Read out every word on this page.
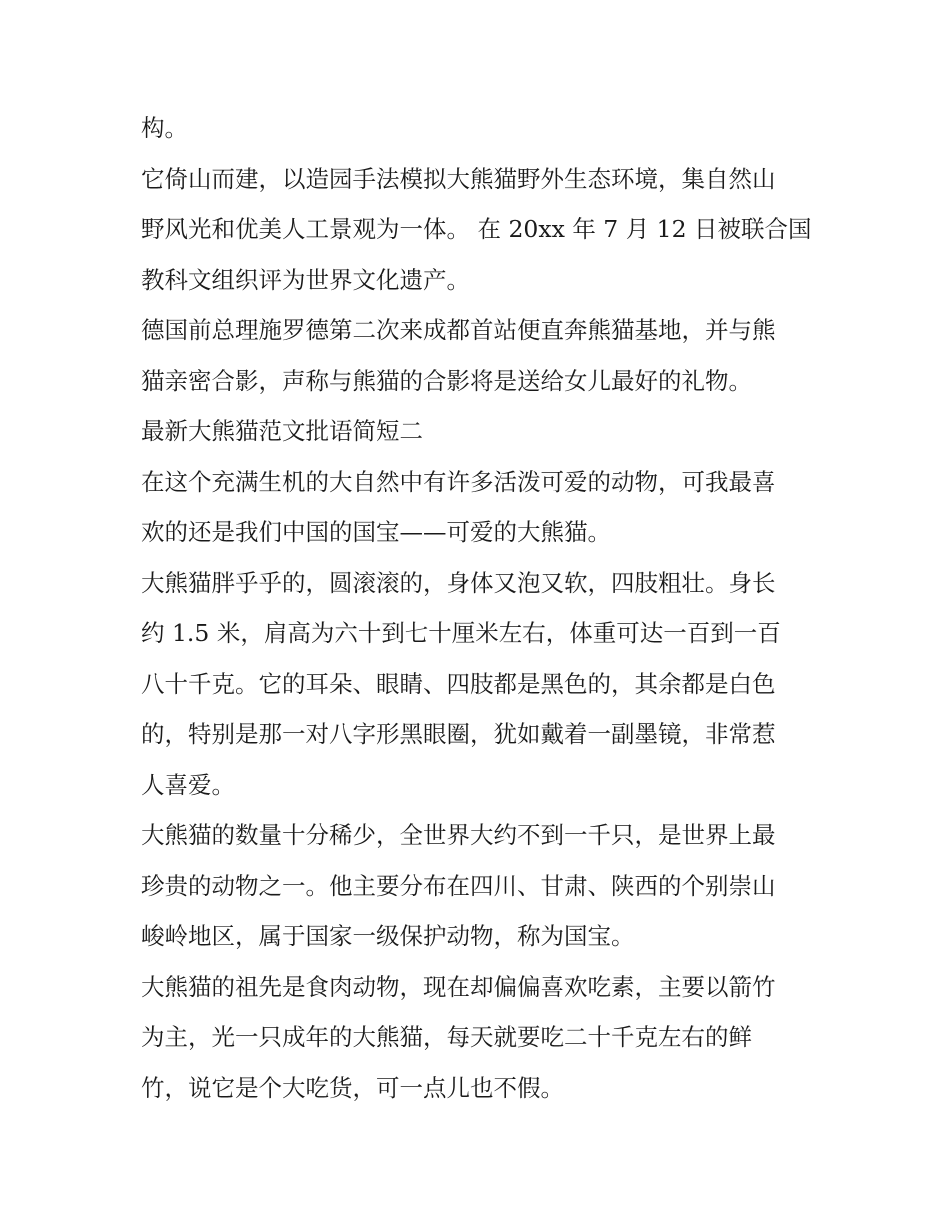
构。
它倚山而建，以造园手法模拟大熊猫野外生态环境，集自然山
野风光和优美人工景观为一体。 在 20xx 年 7 月 12 日被联合国
教科文组织评为世界文化遗产。
德国前总理施罗德第二次来成都首站便直奔熊猫基地，并与熊
猫亲密合影，声称与熊猫的合影将是送给女儿最好的礼物。
最新大熊猫范文批语简短二
在这个充满生机的大自然中有许多活泼可爱的动物，可我最喜
欢的还是我们中国的国宝——可爱的大熊猫。
大熊猫胖乎乎的，圆滚滚的，身体又泡又软，四肢粗壮。身长
约 1.5 米，肩高为六十到七十厘米左右，体重可达一百到一百
八十千克。它的耳朵、眼睛、四肢都是黑色的，其余都是白色
的，特别是那一对八字形黑眼圈，犹如戴着一副墨镜，非常惹
人喜爱。
大熊猫的数量十分稀少，全世界大约不到一千只，是世界上最
珍贵的动物之一。他主要分布在四川、甘肃、陕西的个别崇山
峻岭地区，属于国家一级保护动物，称为国宝。
大熊猫的祖先是食肉动物，现在却偏偏喜欢吃素，主要以箭竹
为主，光一只成年的大熊猫，每天就要吃二十千克左右的鲜
竹，说它是个大吃货，可一点儿也不假。
